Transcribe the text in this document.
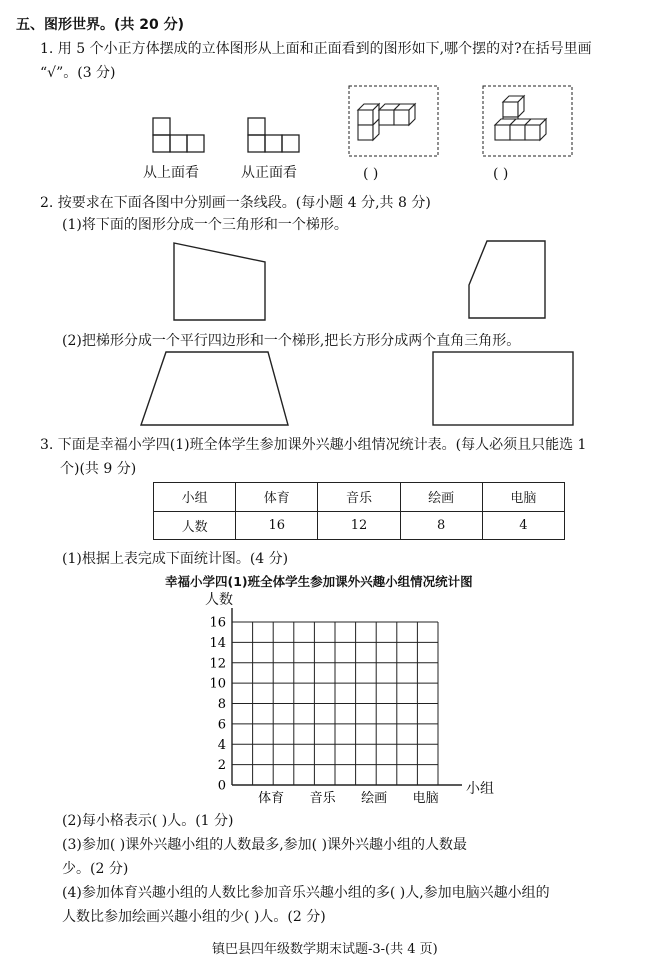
五、图形世界。(共 20 分)
1. 用 5 个小正方体摆成的立体图形从上面和正面看到的图形如下,哪个摆的对?在括号里画
“√”。(3 分)
从上面看	从正面看	( )	( )
2. 按要求在下面各图中分别画一条线段。(每小题 4 分,共 8 分)
(1)将下面的图形分成一个三角形和一个梯形。
(2)把梯形分成一个平行四边形和一个梯形,把长方形分成两个直角三角形。
3. 下面是幸福小学四(1)班全体学生参加课外兴趣小组情况统计表。(每人必须且只能选 1
个)(共 9 分)
小组	体育	音乐	绘画	电脑
人数	16	12	8	4
(1)根据上表完成下面统计图。(4 分)
幸福小学四(1)班全体学生参加课外兴趣小组情况统计图
人数
小组
0
2
4
6
8
10
12
14
16
体育 音乐 绘画 电脑
(2)每小格表示( )人。(1 分)
(3)参加( )课外兴趣小组的人数最多,参加( )课外兴趣小组的人数最
少。(2 分)
(4)参加体育兴趣小组的人数比参加音乐兴趣小组的多( )人,参加电脑兴趣小组的
人数比参加绘画兴趣小组的少( )人。(2 分)
镇巴县四年级数学期末试题-3-(共 4 页)
